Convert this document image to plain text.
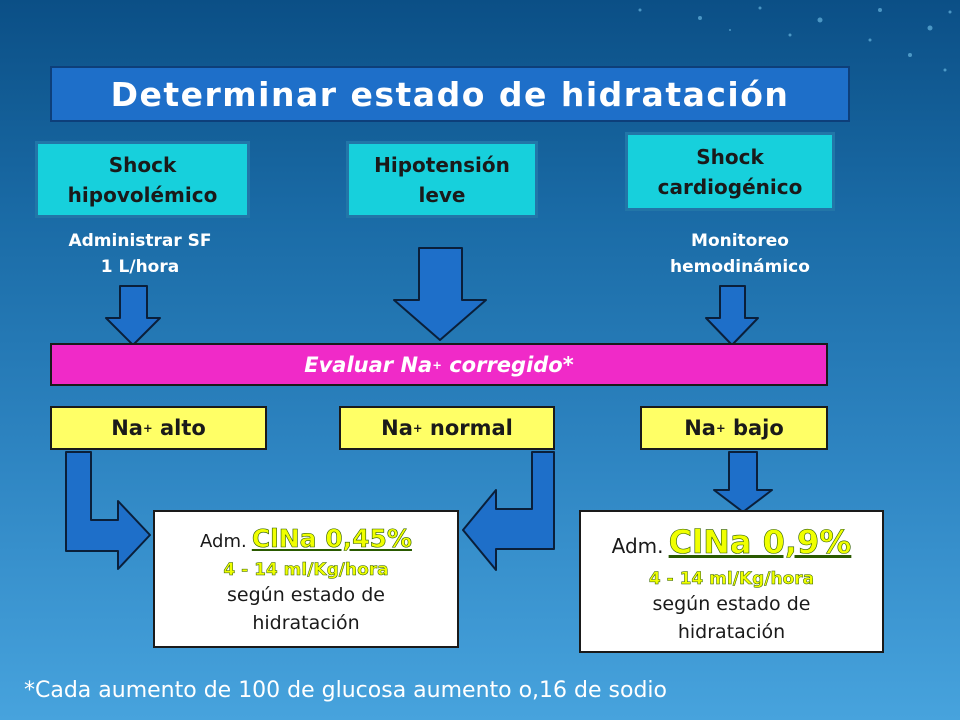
Determinar estado de hidratación
Shock
hipovolémico
Hipotensión
leve
Shock
cardiogénico
Administrar SF
1 L/hora
Monitoreo
hemodinámico
Evaluar Na + corregido*
Na + alto	Na + normal	Na + bajo
Adm. ClNa 0,45%
4 - 14 ml/Kg/hora
según estado de
hidratación
Adm. ClNa 0,9%
4 - 14 ml/Kg/hora
según estado de
hidratación
*Cada aumento de 100 de glucosa aumento o,16 de sodio
